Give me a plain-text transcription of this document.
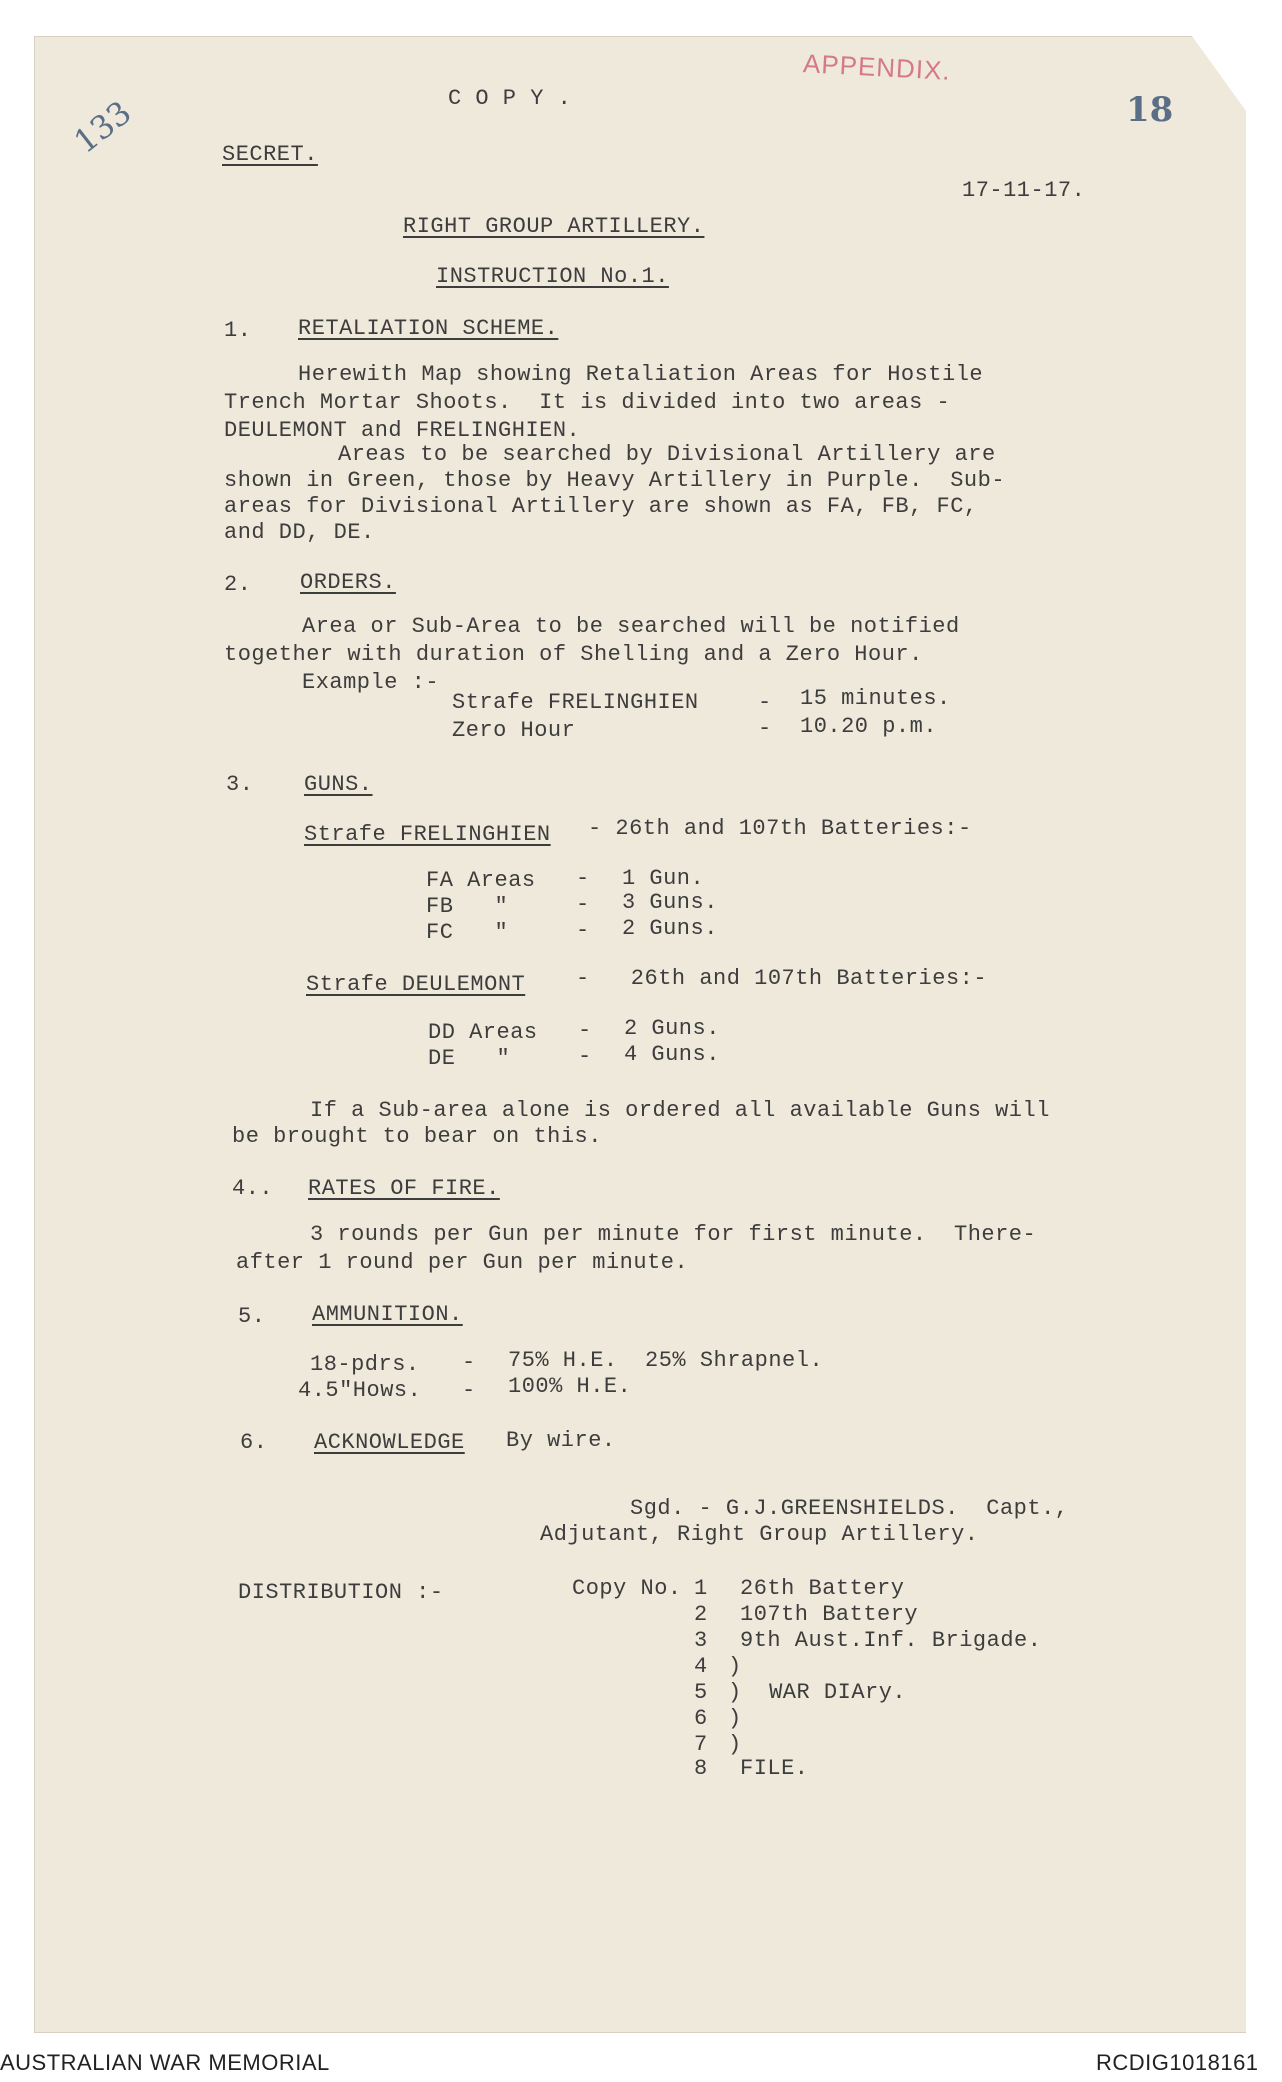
133
APPENDIX.
18
C O P Y .
SECRET.
17-11-17.
RIGHT GROUP ARTILLERY.
INSTRUCTION No.1.
1. RETALIATION SCHEME.
Herewith Map showing Retaliation Areas for Hostile
Trench Mortar Shoots.  It is divided into two areas -
DEULEMONT and FRELINGHIEN.
Areas to be searched by Divisional Artillery are
shown in Green, those by Heavy Artillery in Purple.  Sub-
areas for Divisional Artillery are shown as FA, FB, FC,
and DD, DE.
2. ORDERS.
Area or Sub-Area to be searched will be notified
together with duration of Shelling and a Zero Hour.
Example :-
Strafe FRELINGHIEN	- 15 minutes.
Zero Hour	- 10.20 p.m.
3. GUNS.
Strafe FRELINGHIEN - 26th and 107th Batteries:-
FA Areas - 1 Gun.
FB   "	- 3 Guns.
FC   "	- 2 Guns.
Strafe DEULEMONT -   26th and 107th Batteries:-
DD Areas - 2 Guns.
DE   "	- 4 Guns.
If a Sub-area alone is ordered all available Guns will
be brought to bear on this.
4.. RATES OF FIRE.
3 rounds per Gun per minute for first minute.  There-
after 1 round per Gun per minute.
5. AMMUNITION.
18-pdrs. - 75% H.E.  25% Shrapnel.
4.5"Hows. - 100% H.E.
6. ACKNOWLEDGE By wire.
Sgd. - G.J.GREENSHIELDS.  Capt.,
Adjutant, Right Group Artillery.
DISTRIBUTION :-	Copy No. 1 26th Battery
2 107th Battery
3 9th Aust.Inf. Brigade.
4 )
5 )  WAR DIAry.
6 )
7 )
8 FILE.
AUSTRALIAN WAR MEMORIAL	RCDIG1018161
